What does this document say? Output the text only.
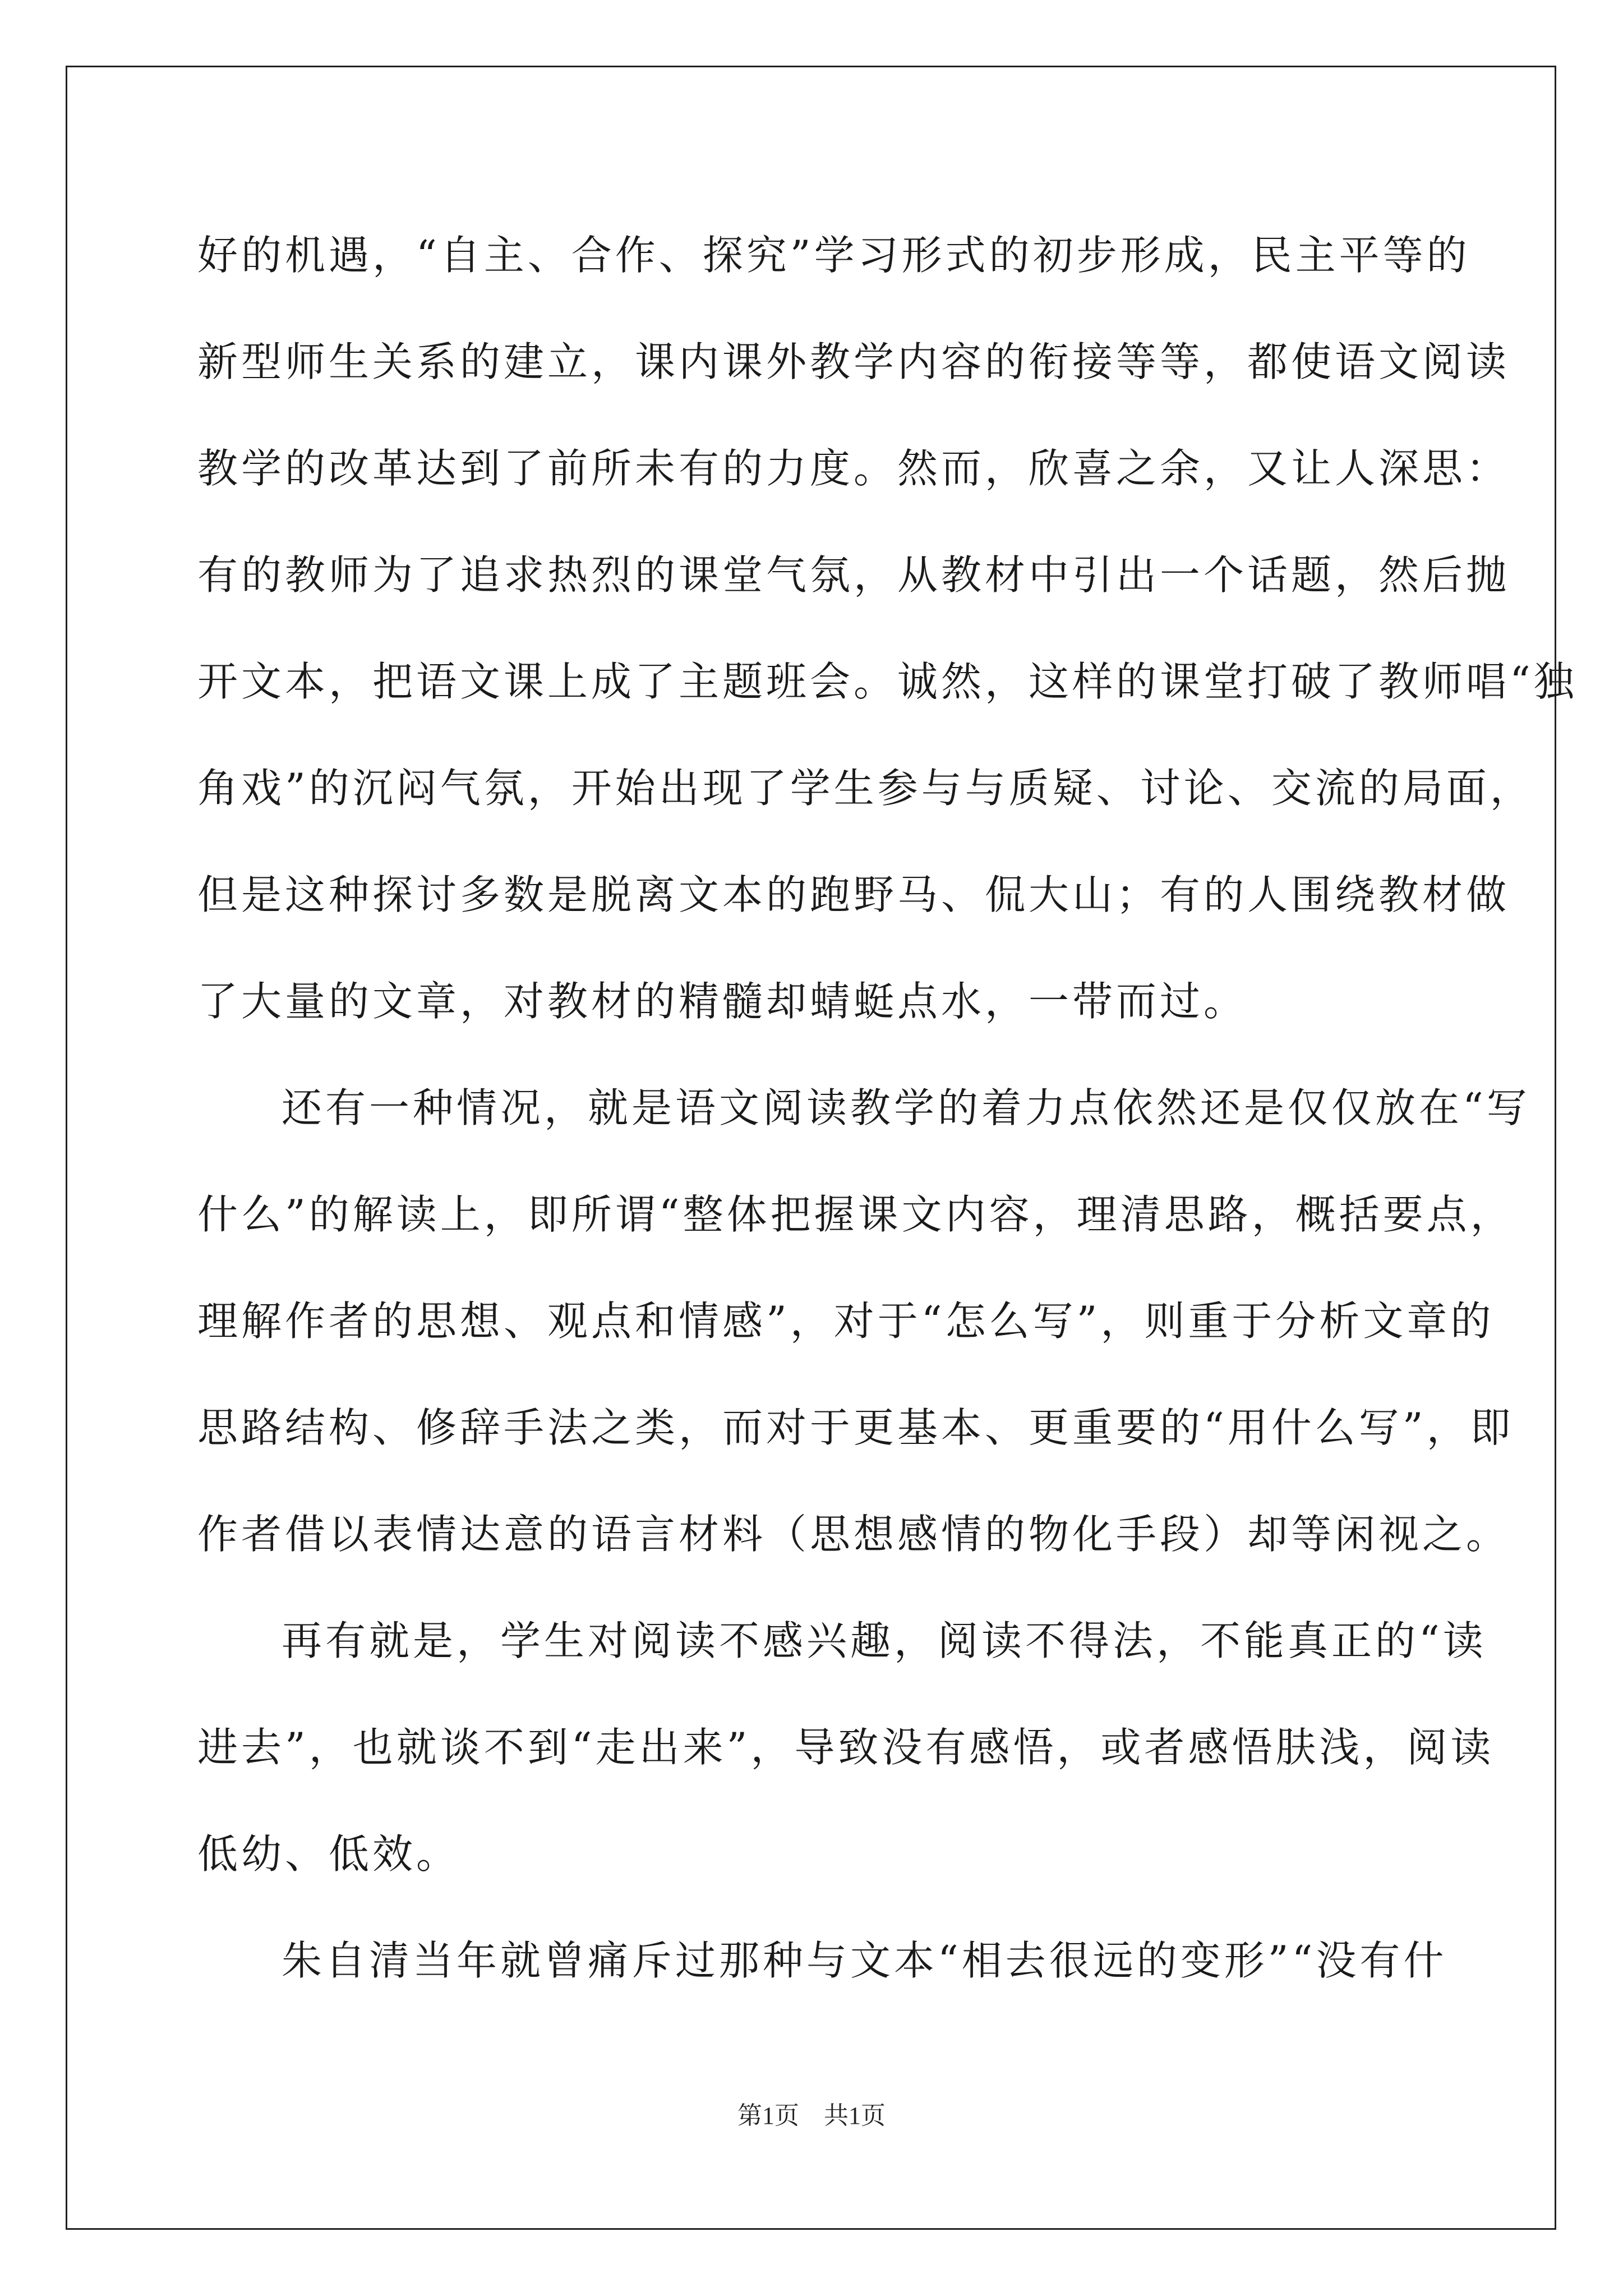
好的机遇，“自主、合作、探究”学习形式的初步形成，民主平等的
新型师生关系的建立，课内课外教学内容的衔接等等，都使语文阅读
教学的改革达到了前所未有的力度。然而，欣喜之余，又让人深思：
有的教师为了追求热烈的课堂气氛，从教材中引出一个话题，然后抛
开文本，把语文课上成了主题班会。诚然，这样的课堂打破了教师唱“独
角戏”的沉闷气氛，开始出现了学生参与与质疑、讨论、交流的局面，
但是这种探讨多数是脱离文本的跑野马、侃大山；有的人围绕教材做
了大量的文章，对教材的精髓却蜻蜓点水，一带而过。
还有一种情况，就是语文阅读教学的着力点依然还是仅仅放在“写
什么”的解读上，即所谓“整体把握课文内容，理清思路，概括要点，
理解作者的思想、观点和情感”，对于“怎么写”，则重于分析文章的
思路结构、修辞手法之类，而对于更基本、更重要的“用什么写”，即
作者借以表情达意的语言材料（思想感情的物化手段）却等闲视之。
再有就是，学生对阅读不感兴趣，阅读不得法，不能真正的“读
进去”，也就谈不到“走出来”，导致没有感悟，或者感悟肤浅，阅读
低幼、低效。
朱自清当年就曾痛斥过那种与文本“相去很远的变形”“没有什
第1页　共1页
